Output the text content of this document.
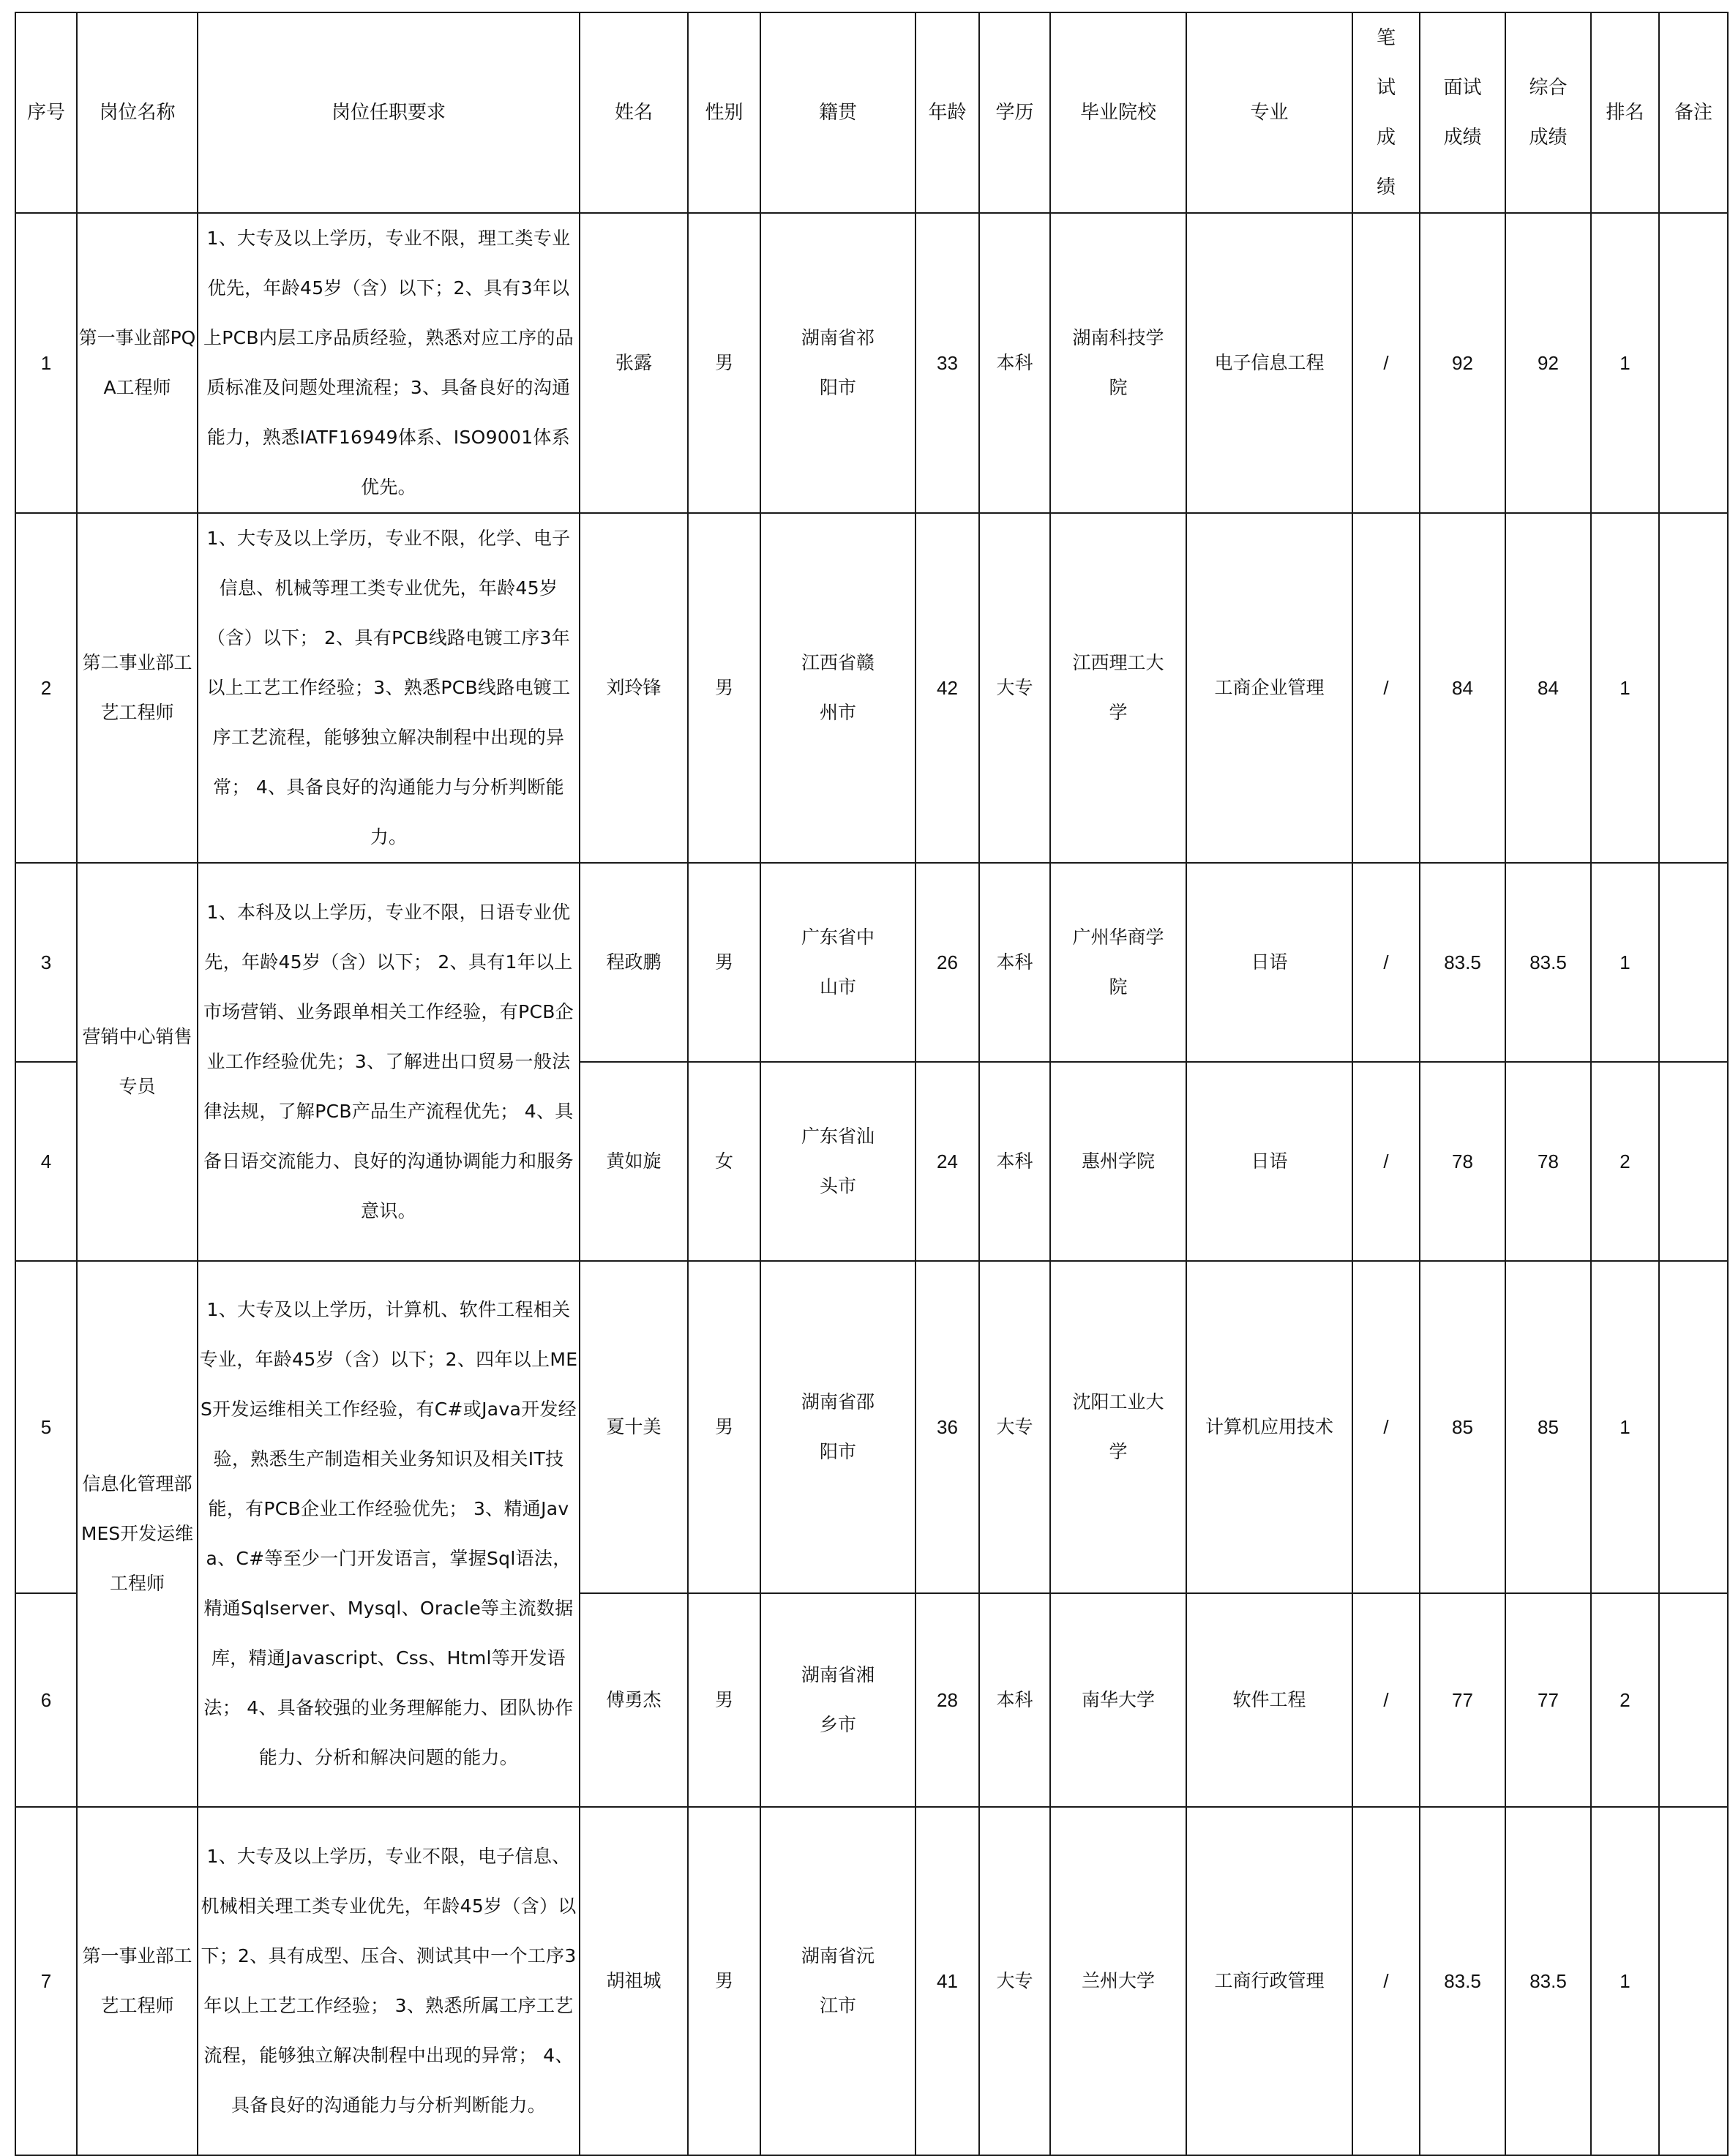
序号	岗位名称	岗位任职要求	姓名	性别	籍贯	年龄	学历	毕业院校	专业	笔试成绩	面试成绩	综合成绩	排名	备注
1	第一事业部PQA工程师	1、大专及以上学历，专业不限，理工类专业优先，年龄45岁（含）以下；2、具有3年以上PCB内层工序品质经验，熟悉对应工序的品质标准及问题处理流程；3、具备良好的沟通能力，熟悉IATF16949体系、ISO9001体系优先。	张露	男	湖南省祁阳市	33	本科	湖南科技学院	电子信息工程	/	92	92	1	
2	第二事业部工艺工程师	1、大专及以上学历，专业不限，化学、电子信息、机械等理工类专业优先，年龄45岁（含）以下； 2、具有PCB线路电镀工序3年以上工艺工作经验；3、熟悉PCB线路电镀工序工艺流程，能够独立解决制程中出现的异常； 4、具备良好的沟通能力与分析判断能力。	刘玲锋	男	江西省赣州市	42	大专	江西理工大学	工商企业管理	/	84	84	1	
3	营销中心销售专员	1、本科及以上学历，专业不限，日语专业优先，年龄45岁（含）以下； 2、具有1年以上市场营销、业务跟单相关工作经验，有PCB企业工作经验优先；3、了解进出口贸易一般法律法规，了解PCB产品生产流程优先； 4、具备日语交流能力、良好的沟通协调能力和服务意识。	程政鹏	男	广东省中山市	26	本科	广州华商学院	日语	/	83.5	83.5	1	
4			黄如旋	女	广东省汕头市	24	本科	惠州学院	日语	/	78	78	2	
5	信息化管理部MES开发运维工程师	1、大专及以上学历，计算机、软件工程相关专业，年龄45岁（含）以下；2、四年以上MES开发运维相关工作经验，有C#或Java开发经验，熟悉生产制造相关业务知识及相关IT技能，有PCB企业工作经验优先； 3、精通Java、C#等至少一门开发语言，掌握Sql语法，精通Sqlserver、Mysql、Oracle等主流数据库，精通Javascript、Css、Html等开发语法； 4、具备较强的业务理解能力、团队协作能力、分析和解决问题的能力。	夏十美	男	湖南省邵阳市	36	大专	沈阳工业大学	计算机应用技术	/	85	85	1	
6			傅勇杰	男	湖南省湘乡市	28	本科	南华大学	软件工程	/	77	77	2	
7	第一事业部工艺工程师	1、大专及以上学历，专业不限，电子信息、机械相关理工类专业优先，年龄45岁（含）以下；2、具有成型、压合、测试其中一个工序3年以上工艺工作经验； 3、熟悉所属工序工艺流程，能够独立解决制程中出现的异常； 4、具备良好的沟通能力与分析判断能力。	胡祖城	男	湖南省沅江市	41	大专	兰州大学	工商行政管理	/	83.5	83.5	1	
